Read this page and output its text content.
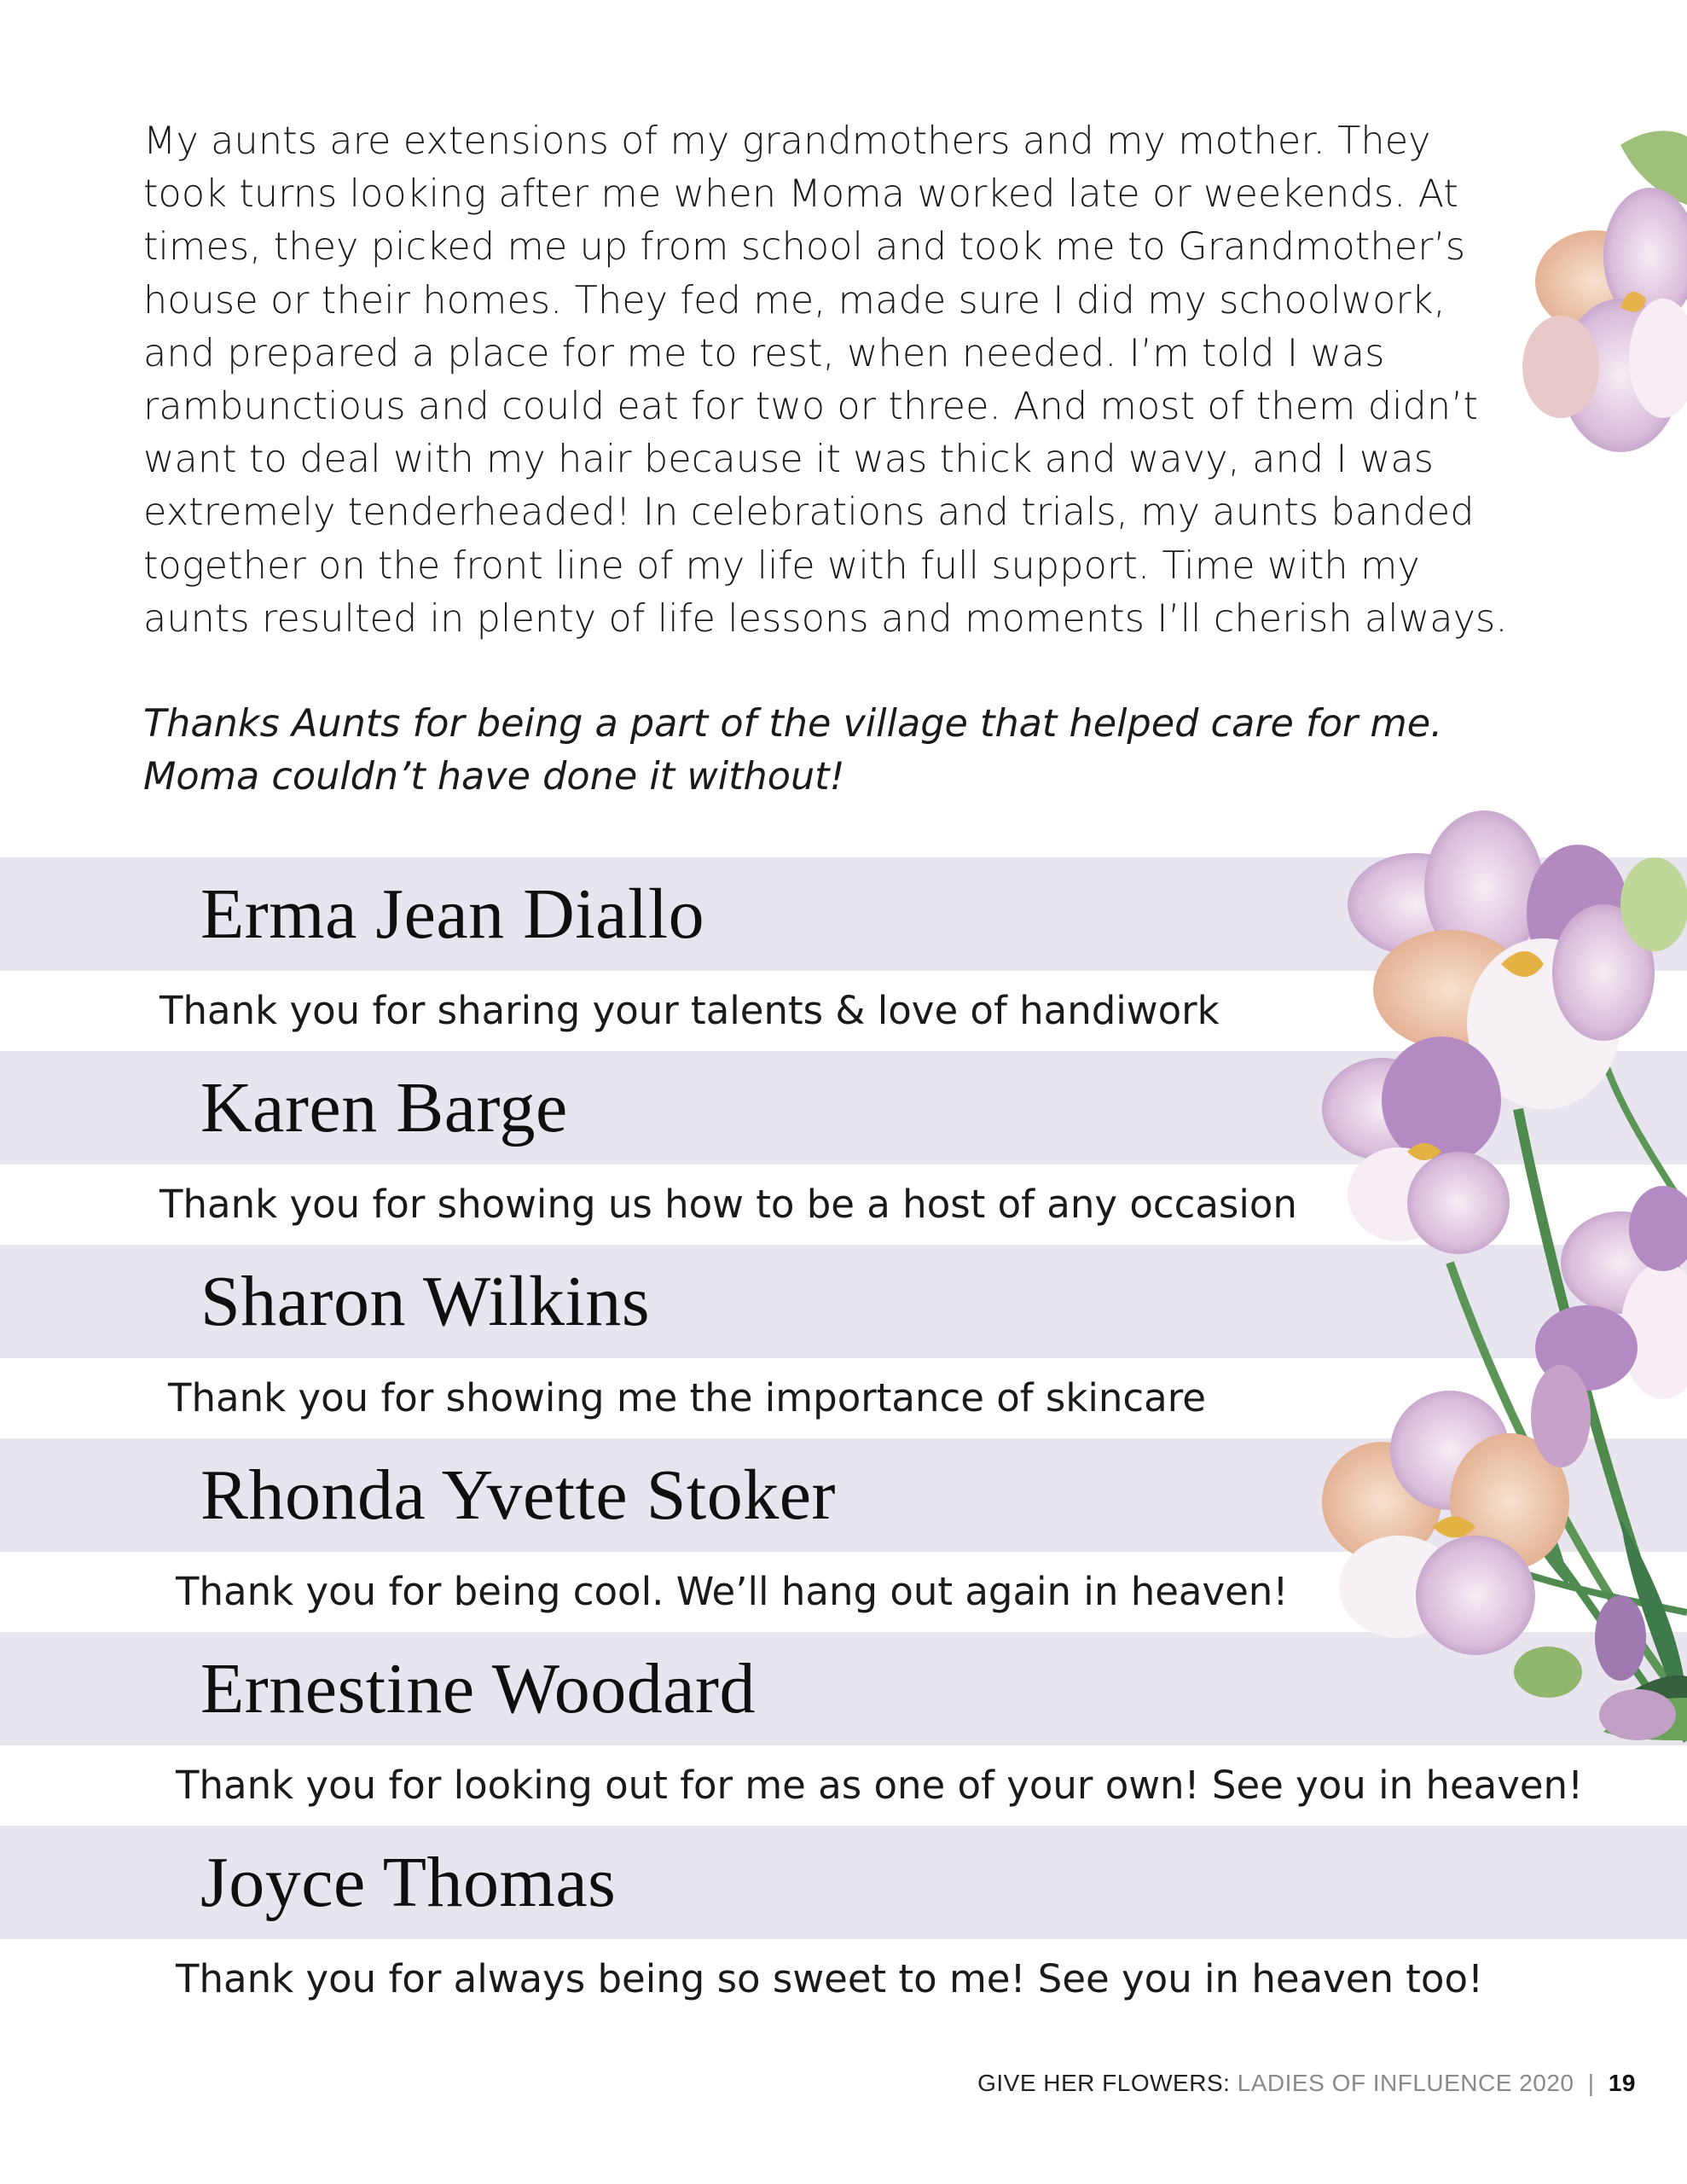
My aunts are extensions of my grandmothers and my mother. They
took turns looking after me when Moma worked late or weekends. At
times, they picked me up from school and took me to Grandmother’s
house or their homes. They fed me, made sure I did my schoolwork,
and prepared a place for me to rest, when needed. I’m told I was
rambunctious and could eat for two or three. And most of them didn’t
want to deal with my hair because it was thick and wavy, and I was
extremely tenderheaded! In celebrations and trials, my aunts banded
together on the front line of my life with full support. Time with my
aunts resulted in plenty of life lessons and moments I’ll cherish always.
Thanks Aunts for being a part of the village that helped care for me.
Moma couldn’t have done it without!
Erma Jean Diallo
Thank you for sharing your talents & love of handiwork
Karen Barge
Thank you for showing us how to be a host of any occasion
Sharon Wilkins
Thank you for showing me the importance of skincare
Rhonda Yvette Stoker
Thank you for being cool. We’ll hang out again in heaven!
Ernestine Woodard
Thank you for looking out for me as one of your own! See you in heaven!
Joyce Thomas
Thank you for always being so sweet to me! See you in heaven too!
GIVE HER FLOWERS: LADIES OF INFLUENCE 2020 | 19
